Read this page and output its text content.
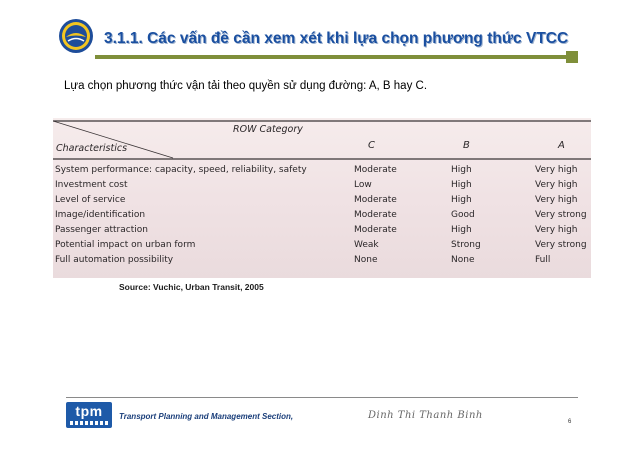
3.1.1. Các vấn đề cần xem xét khi lựa chọn phương thức VTCC
Lựa chọn phương thức vận tải theo quyền sử dụng đường: A, B hay C.
ROW Category
Characteristics	C	B	A
System performance: capacity, speed, reliability, safety	Moderate	High	Very high
Investment cost	Low	High	Very high
Level of service	Moderate	High	Very high
Image/identification	Moderate	Good	Very strong
Passenger attraction	Moderate	High	Very high
Potential impact on urban form	Weak	Strong	Very strong
Full automation possibility	None	None	Full
Source: Vuchic, Urban Transit, 2005
tpm	Transport Planning and Management Section,	Dinh Thi Thanh Binh
6
